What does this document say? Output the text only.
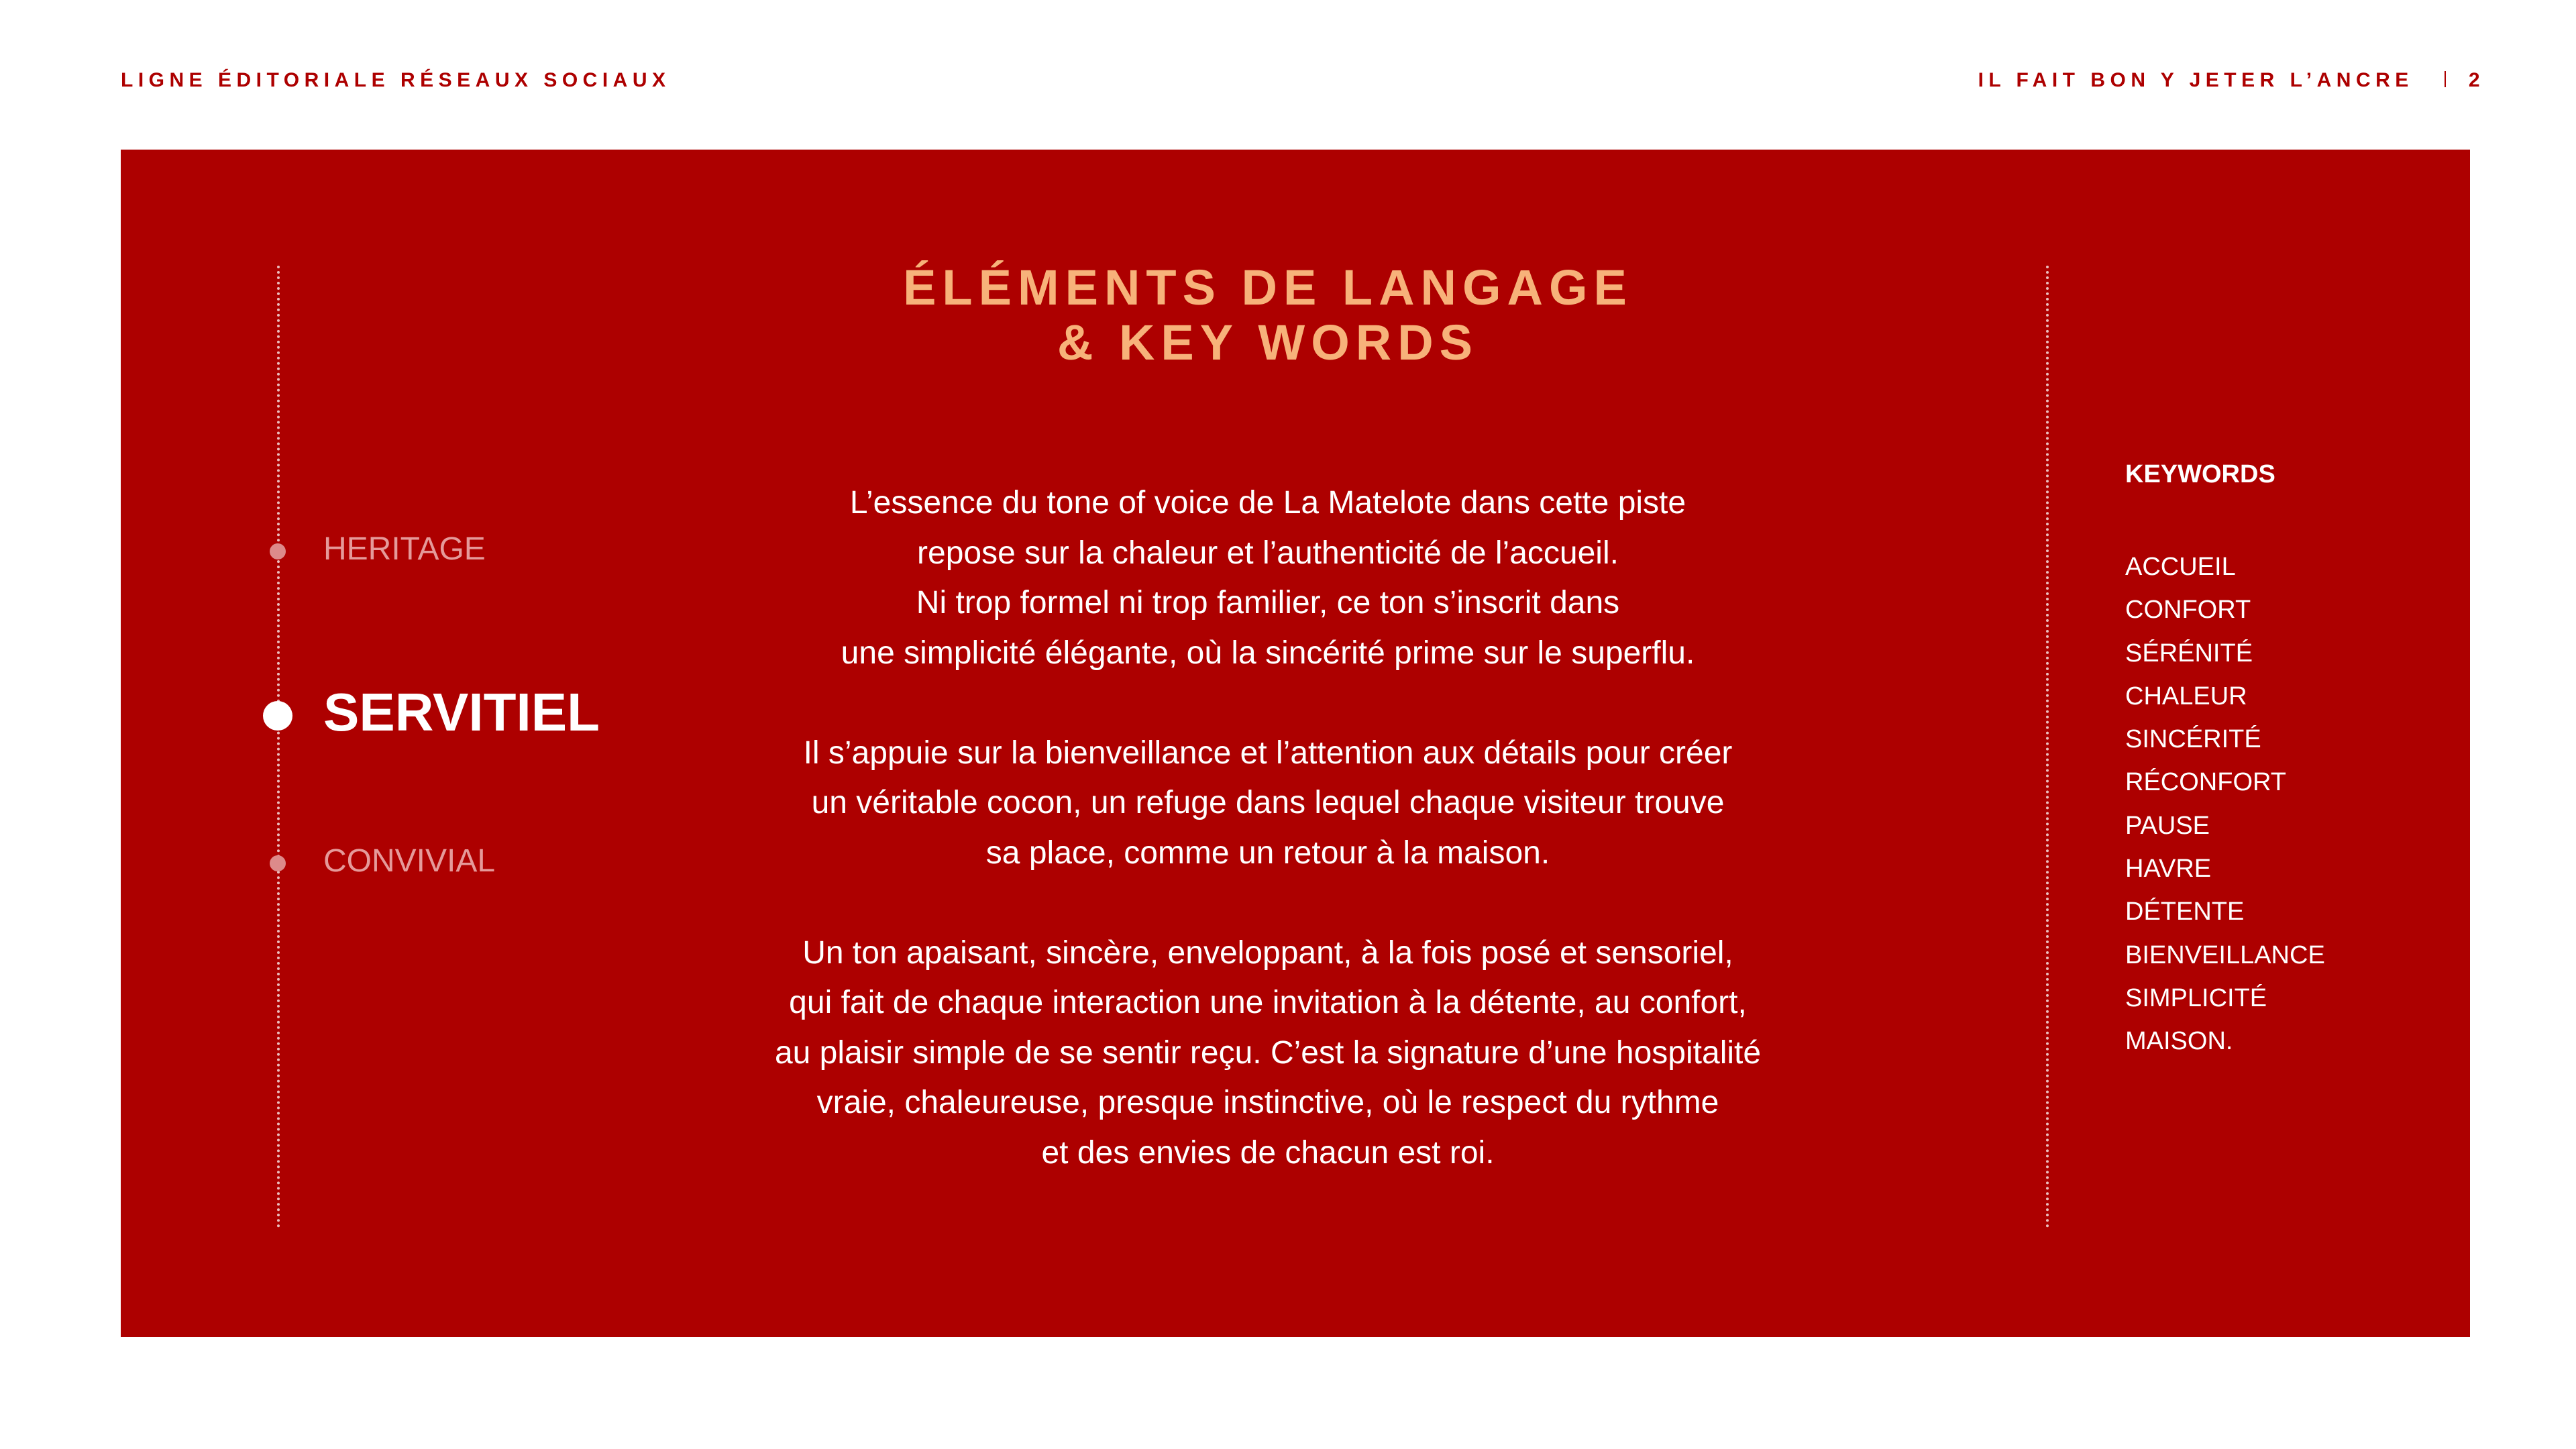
LIGNE ÉDITORIALE RÉSEAUX SOCIAUX	IL FAIT BON Y JETER L’ANCRE	2
HERITAGE
SERVITIEL
CONVIVIAL
ÉLÉMENTS DE LANGAGE
& KEY WORDS
L’essence du tone of voice de La Matelote dans cette piste
repose sur la chaleur et l’authenticité de l’accueil.
Ni trop formel ni trop familier, ce ton s’inscrit dans
une simplicité élégante, où la sincérité prime sur le superflu.
Il s’appuie sur la bienveillance et l’attention aux détails pour créer
un véritable cocon, un refuge dans lequel chaque visiteur trouve
sa place, comme un retour à la maison.
Un ton apaisant, sincère, enveloppant, à la fois posé et sensoriel,
qui fait de chaque interaction une invitation à la détente, au confort,
au plaisir simple de se sentir reçu. C’est la signature d’une hospitalité
vraie, chaleureuse, presque instinctive, où le respect du rythme
et des envies de chacun est roi.
KEYWORDS
ACCUEIL
CONFORT
SÉRÉNITÉ
CHALEUR
SINCÉRITÉ
RÉCONFORT
PAUSE
HAVRE
DÉTENTE
BIENVEILLANCE
SIMPLICITÉ
MAISON.
